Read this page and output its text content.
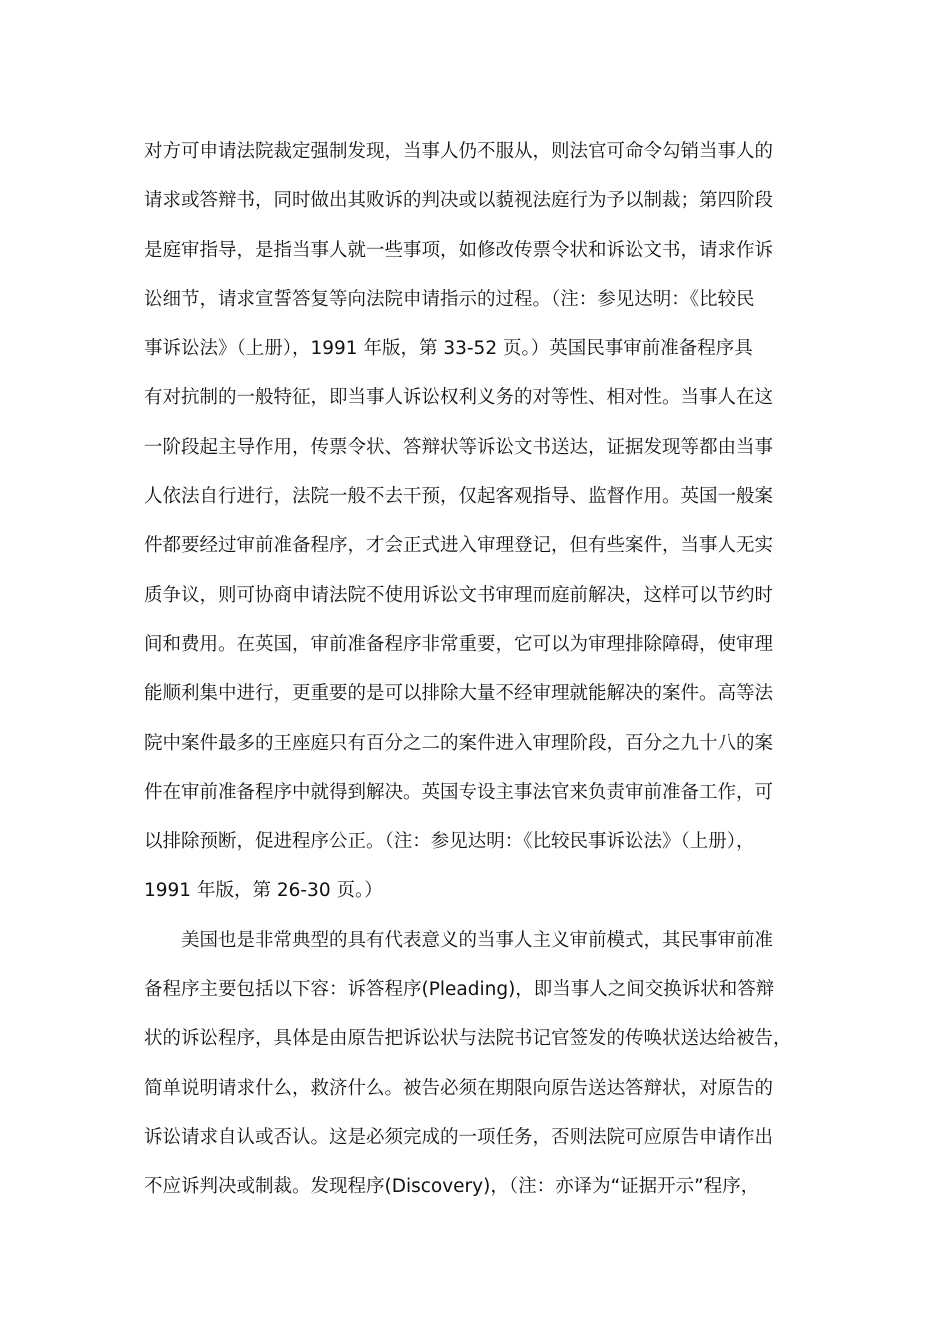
对方可申请法院裁定强制发现，当事人仍不服从，则法官可命令勾销当事人的
请求或答辩书，同时做出其败诉的判决或以藐视法庭行为予以制裁；第四阶段
是庭审指导，是指当事人就一些事项，如修改传票令状和诉讼文书，请求作诉
讼细节，请求宣誓答复等向法院申请指示的过程。（注：参见达明：《比较民
事诉讼法》（上册），1991 年版，第 33-52 页。）英国民事审前准备程序具
有对抗制的一般特征，即当事人诉讼权利义务的对等性、相对性。当事人在这
一阶段起主导作用，传票令状、答辩状等诉讼文书送达，证据发现等都由当事
人依法自行进行，法院一般不去干预，仅起客观指导、监督作用。英国一般案
件都要经过审前准备程序，才会正式进入审理登记，但有些案件，当事人无实
质争议，则可协商申请法院不使用诉讼文书审理而庭前解决，这样可以节约时
间和费用。在英国，审前准备程序非常重要，它可以为审理排除障碍，使审理
能顺利集中进行，更重要的是可以排除大量不经审理就能解决的案件。高等法
院中案件最多的王座庭只有百分之二的案件进入审理阶段，百分之九十八的案
件在审前准备程序中就得到解决。英国专设主事法官来负责审前准备工作，可
以排除预断，促进程序公正。（注：参见达明：《比较民事诉讼法》（上册），
1991 年版，第 26-30 页。）
　　美国也是非常典型的具有代表意义的当事人主义审前模式，其民事审前准
备程序主要包括以下容：诉答程序(Pleading)，即当事人之间交换诉状和答辩
状的诉讼程序，具体是由原告把诉讼状与法院书记官签发的传唤状送达给被告，
简单说明请求什么，救济什么。被告必须在期限向原告送达答辩状，对原告的
诉讼请求自认或否认。这是必须完成的一项任务，否则法院可应原告申请作出
不应诉判决或制裁。发现程序(Discovery)，（注：亦译为“证据开示”程序，
